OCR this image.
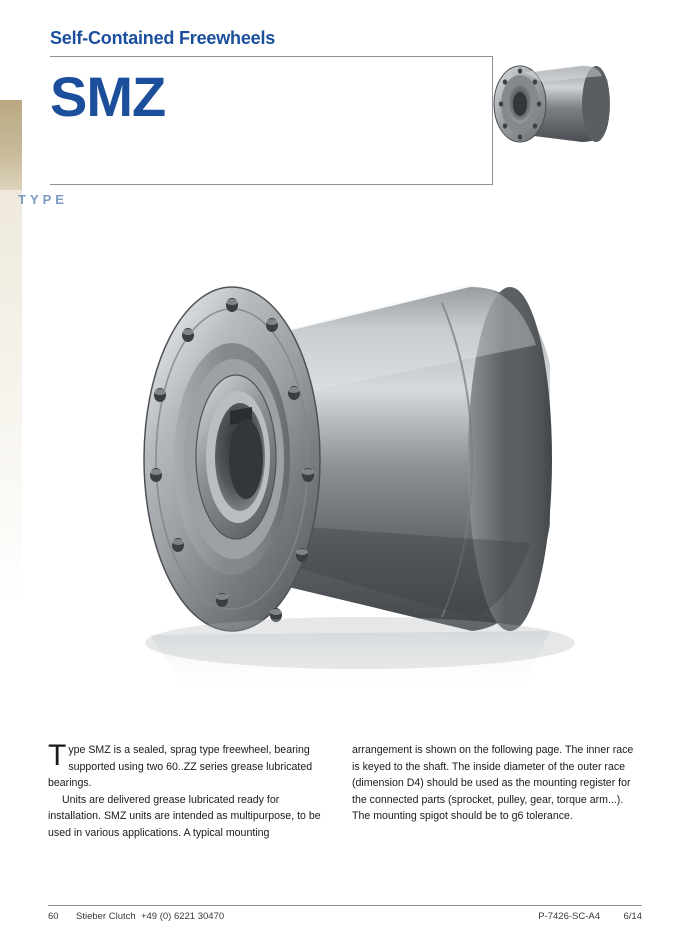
Self-Contained Freewheels
SMZ
TYPE
T ype SMZ is a sealed, sprag type freewheel, bearing supported using two 60..ZZ series grease lubricated bearings.
Units are delivered grease lubricated ready for installation. SMZ units are intended as multipurpose, to be used in various applications. A typical mounting
arrangement is shown on the following page. The inner race is keyed to the shaft. The inside diameter of the outer race (dimension D4) should be used as the mounting register for the connected parts (sprocket, pulley, gear, torque arm...). The mounting spigot should be to g6 tolerance.

60

Stieber Clutch  +49 (0) 6221 30470

	P-7426-SC-A4

6/14
